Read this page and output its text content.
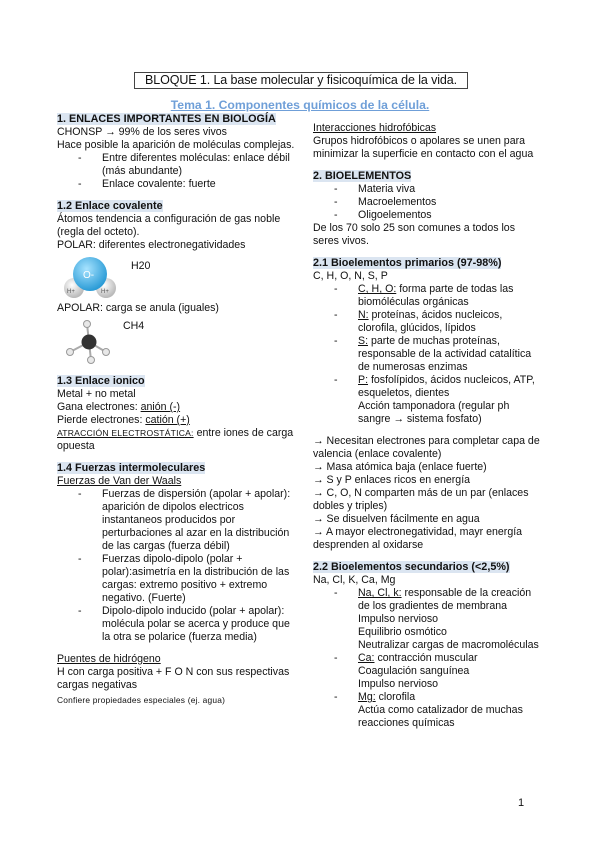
BLOQUE 1. La base molecular y fisicoquímica de la vida.
Tema 1. Componentes químicos de la célula.

1. ENLACES IMPORTANTES EN BIOLOGÍA

CHONSP → 99% de los seres vivos

Hace posible la aparición de moléculas complejas.

- Entre diferentes moléculas: enlace débil (más abundante)
- Enlace covalente: fuerte

1.2 Enlace covalente

Átomos tendencia a configuración de gas noble (regla del octeto).

POLAR: diferentes electronegatividades

O-
H+	H+
H20

APOLAR: carga se anula (iguales)

CH4

1.3 Enlace ionico

Metal + no metal

Gana electrones: anión (-)

Pierde electrones: catión (+)

ATRACCIÓN ELECTROSTÁTICA: entre iones de carga opuesta

1.4 Fuerzas intermoleculares

Fuerzas de Van der Waals

- Fuerzas de dispersión (apolar + apolar): aparición de dipolos electricos instantaneos producidos por perturbaciones al azar en la distribución de las cargas (fuerza débil)
- Fuerzas dipolo-dipolo (polar + polar):asimetría en la distribución de las cargas: extremo positivo + extremo negativo. (Fuerte)
- Dipolo-dipolo inducido (polar + apolar): molécula polar se acerca y produce que la otra se polarice (fuerza media)

Puentes de hidrógeno

H con carga positiva + F O N con sus respectivas cargas negativas

Confiere propiedades especiales (ej. agua)

Interacciones hidrofóbicas

Grupos hidrofóbicos o apolares se unen para minimizar la superficie en contacto con el agua

2. BIOELEMENTOS

- Materia viva
- Macroelementos
- Oligoelementos

De los 70 solo 25 son comunes a todos los seres vivos.

2.1 Bioelementos primarios (97-98%)

C, H, O, N, S, P

- C, H, O: forma parte de todas las biomóléculas orgánicas
- N: proteínas, ácidos nucleicos, clorofila, glúcidos, lípidos
- S: parte de muchas proteínas, responsable de la actividad catalítica de numerosas enzimas
- P: fosfolípidos, ácidos nucleicos, ATP, esqueletos, dientes

Acción tamponadora (regular ph sangre → sistema fosfato)

→ Necesitan electrones para completar capa de valencia (enlace covalente)

→ Masa atómica baja (enlace fuerte)

→ S y P enlaces ricos en energía

→ C, O, N comparten más de un par (enlaces dobles y triples)

→ Se disuelven fácilmente en agua

→ A mayor electronegatividad, mayr energía desprenden al oxidarse

2.2 Bioelementos secundarios (<2,5%)

Na, Cl, K, Ca, Mg

- Na, Cl, k: responsable de la creación de los gradientes de membrana

Impulso nervioso

Equilibrio osmótico

Neutralizar cargas de macromoléculas

- Ca: contracción muscular

Coagulación sanguínea

Impulso nervioso

- Mg: clorofila

Actúa como catalizador de muchas reacciones químicas

1
